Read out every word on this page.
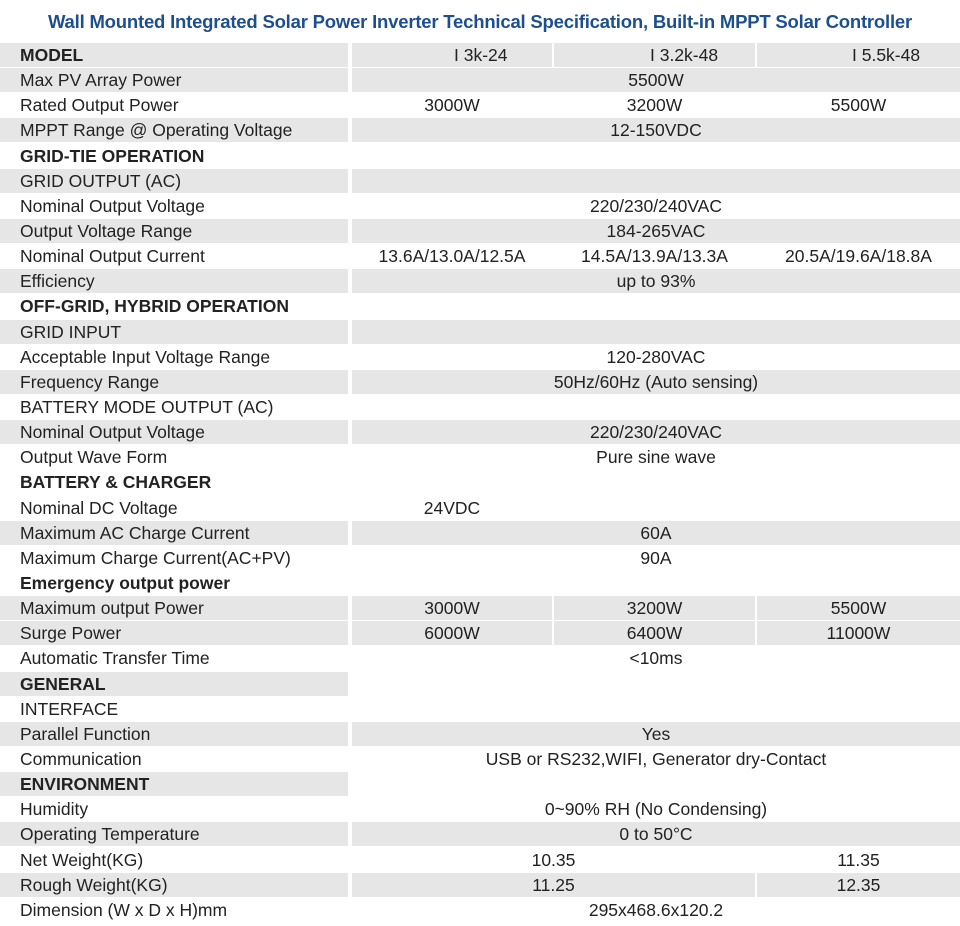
Wall Mounted Integrated Solar Power Inverter Technical Specification, Built-in MPPT Solar Controller
MODEL	I 3k-24	I 3.2k-48	I 5.5k-48
Max PV Array Power	5500W
Rated Output Power	3000W	3200W	5500W
MPPT Range @ Operating Voltage	12-150VDC
GRID-TIE OPERATION
GRID OUTPUT (AC)
Nominal Output Voltage	220/230/240VAC
Output Voltage Range	184-265VAC
Nominal Output Current	13.6A/13.0A/12.5A	14.5A/13.9A/13.3A	20.5A/19.6A/18.8A
Efficiency	up to 93%
OFF-GRID, HYBRID OPERATION
GRID INPUT
Acceptable Input Voltage Range	120-280VAC
Frequency Range	50Hz/60Hz (Auto sensing)
BATTERY MODE OUTPUT (AC)
Nominal Output Voltage	220/230/240VAC
Output Wave Form	Pure sine wave
BATTERY & CHARGER
Nominal DC Voltage	24VDC
Maximum AC Charge Current	60A
Maximum Charge Current(AC+PV)	90A
Emergency output power
Maximum output Power	3000W	3200W	5500W
Surge Power	6000W	6400W	11000W
Automatic Transfer Time	<10ms
GENERAL
INTERFACE
Parallel Function	Yes
Communication	USB or RS232,WIFI, Generator dry-Contact
ENVIRONMENT
Humidity	0~90% RH (No Condensing)
Operating Temperature	0 to 50°C
Net Weight(KG)	10.35	11.35
Rough Weight(KG)	11.25	12.35
Dimension (W x D x H)mm	295x468.6x120.2
